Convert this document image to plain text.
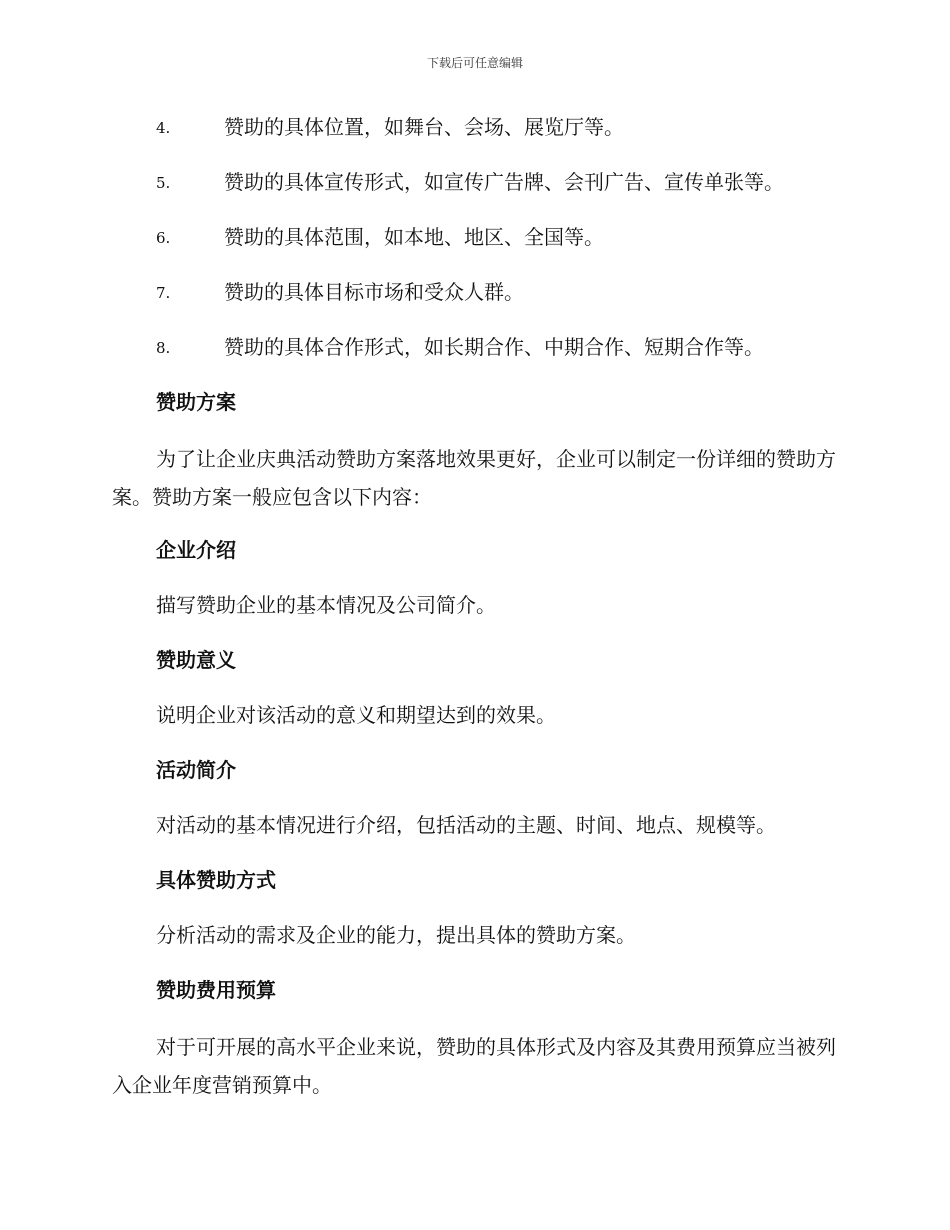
下载后可任意编辑
4.	赞助的具体位置，如舞台、会场、展览厅等。
5.	赞助的具体宣传形式，如宣传广告牌、会刊广告、宣传单张等。
6.	赞助的具体范围，如本地、地区、全国等。
7.	赞助的具体目标市场和受众人群。
8.	赞助的具体合作形式，如长期合作、中期合作、短期合作等。
赞助方案

为了让企业庆典活动赞助方案落地效果更好，企业可以制定一份详细的赞助方案。赞助方案一般应包含以下内容：

企业介绍

描写赞助企业的基本情况及公司简介。

赞助意义

说明企业对该活动的意义和期望达到的效果。

活动简介

对活动的基本情况进行介绍，包括活动的主题、时间、地点、规模等。

具体赞助方式

分析活动的需求及企业的能力，提出具体的赞助方案。

赞助费用预算

对于可开展的高水平企业来说，赞助的具体形式及内容及其费用预算应当被列入企业年度营销预算中。
